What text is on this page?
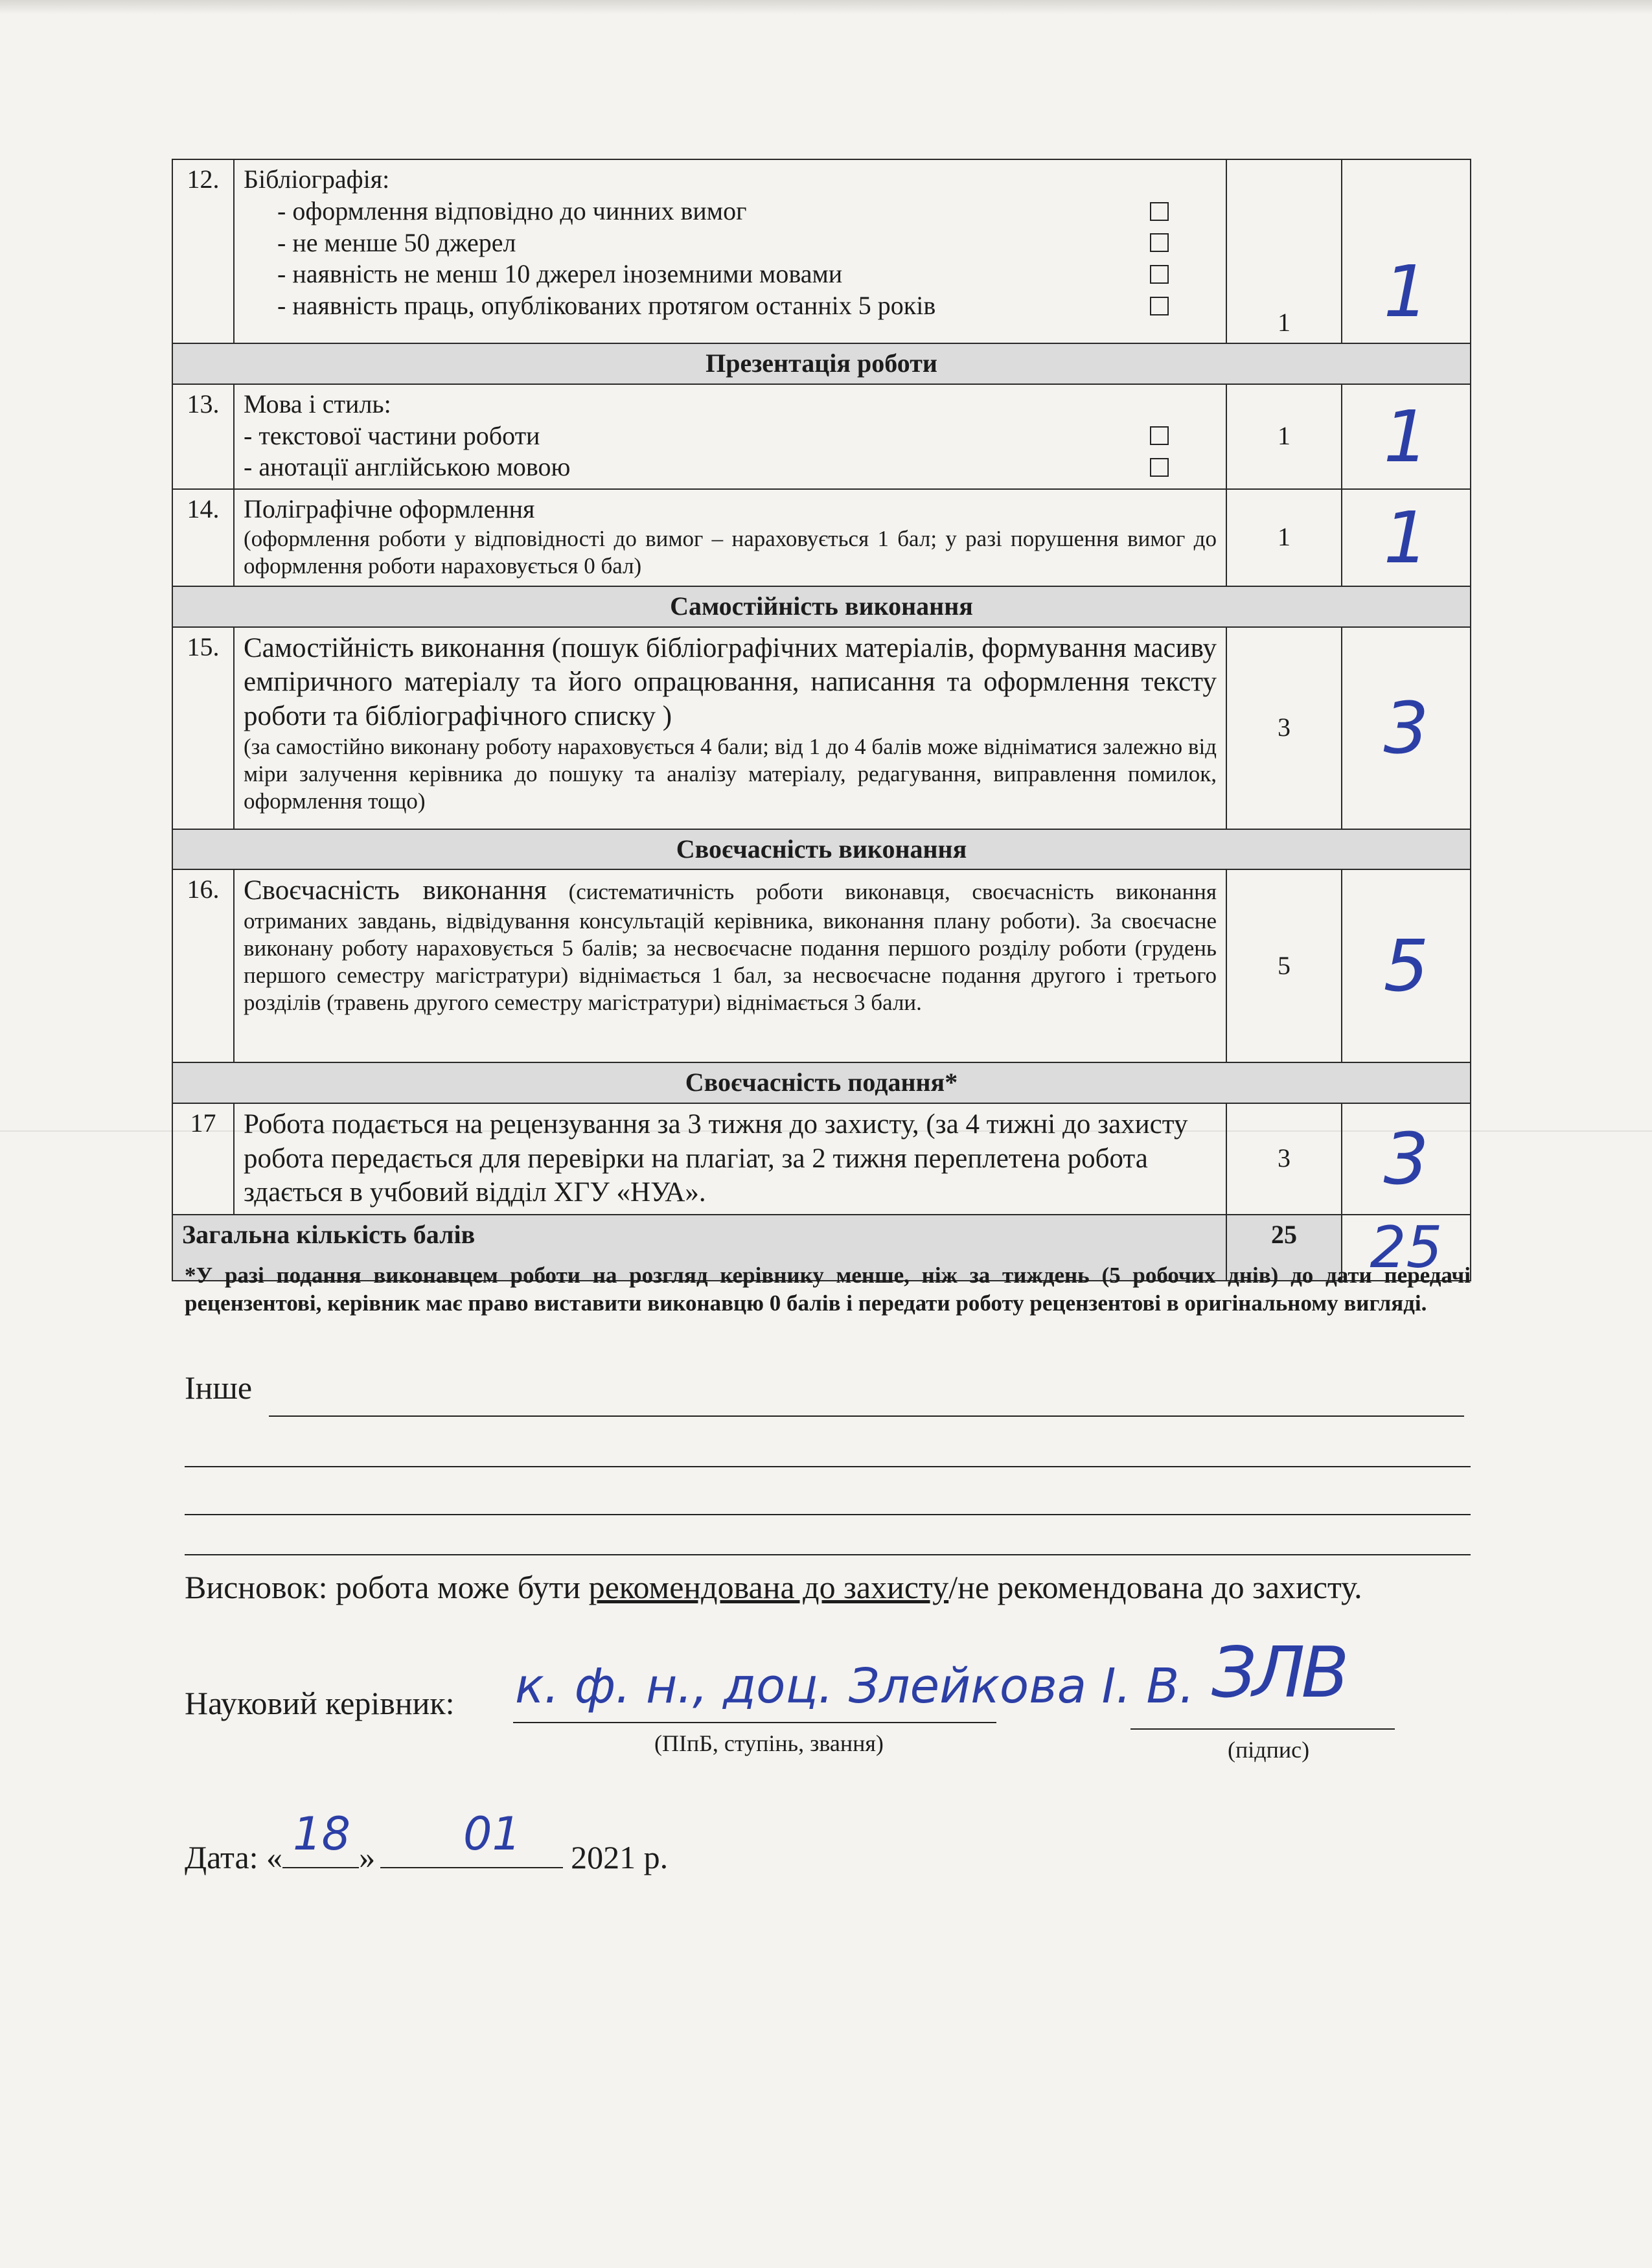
12.	Бібліографія:
- оформлення відповідно до чинних вимог
- не менше 50 джерел
- наявність не менш 10 джерел іноземними мовами
- наявність праць, опублікованих протягом останніх 5 років	1	1
Презентація роботи			
13.	Мова і стиль:
- текстової частини роботи
- анотації англійською мовою	1	1
14.	Поліграфічне оформлення
(оформлення роботи у відповідності до вимог – нараховується 1 бал; у разі порушення вимог до оформлення роботи нараховується 0 бал)	1	1
Самостійність виконання			
15.	Самостійність виконання (пошук бібліографічних матеріалів, формування масиву емпіричного матеріалу та його опрацювання, написання та оформлення тексту роботи та бібліографічного списку )
(за самостійно виконану роботу нараховується 4 бали; від 1 до 4 балів може відніматися залежно від міри залучення керівника до пошуку та аналізу матеріалу, редагування, виправлення помилок, оформлення тощо)	3	3
Своєчасність виконання			
16.	Своєчасність виконання (систематичність роботи виконавця, своєчасність виконання отриманих завдань, відвідування консультацій керівника, виконання плану роботи). За своєчасне виконану роботу нараховується 5 балів; за несвоєчасне подання першого розділу роботи (грудень першого семестру магістратури) віднімається 1 бал, за несвоєчасне подання другого і третього розділів (травень другого семестру магістратури) віднімається 3 бали.	5	5
Своєчасність подання*			
17	Робота подається на рецензування за 3 тижня до захисту, (за 4 тижні до захисту робота передається для перевірки на плагіат, за 2 тижня переплетена робота здається в учбовий відділ ХГУ «НУА».	3	3
Загальна кількість балів		25	25
*У разі подання виконавцем роботи на розгляд керівнику менше, ніж за тиждень (5 робочих днів) до дати передачі рецензентові, керівник має право виставити виконавцю 0 балів і передати роботу рецензентові в оригінальному вигляді.
Інше
Висновок: робота може бути рекомендована до захисту/не рекомендована до захисту.
Науковий керівник: к. ф. н., доц. Злейкова І. В.
(ПІпБ, ступінь, звання)
ЗЛВ
(підпис)
Дата: « »	2021 р.
18 01
